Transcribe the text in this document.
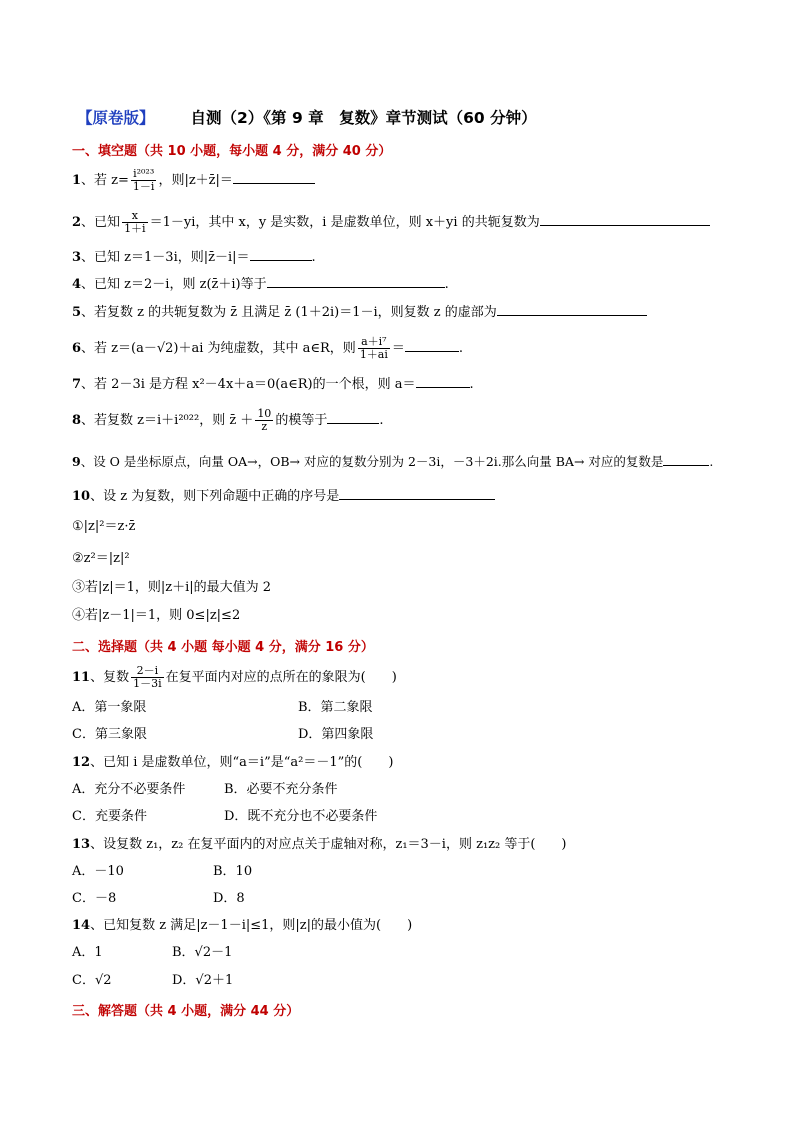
【原卷版】 自测（2）《第 9 章　复数》章节测试（60 分钟）
一、填空题（共 10 小题，每小题 4 分，满分 40 分）
1、若 $z= \frac{\text{i²⁰²³}}{1-i}$ ，则|z＋z̄|＝
2、已知 $\frac{x}{1+i} =1-yi$，其中 x，y 是实数，i 是虚数单位，则 x＋yi 的共轭复数为
3、已知 z＝1－3i，则|z̄－i|＝	.
4、已知 z＝2－i，则 z(z̄＋i)等于	.
5、若复数 z 的共轭复数为 z̄ 且满足 z̄ (1＋2i)＝1－i，则复数 z 的虚部为
6、若 z＝(a－√2)＋ai 为纯虚数，其中 a∈R，则 $\frac{\text{a＋i⁷}}{1+ai}$ ＝	.
7、若 2－3i 是方程 x²－4x＋a＝0(a∈R)的一个根，则 a＝	.
8、若复数 z＝i＋i²⁰²²，则 z̄ ＋ $\frac{10}{z}$ 的模等于	.
9、设 O 是坐标原点，向量 OA→，OB→ 对应的复数分别为 2－3i，－3＋2i.那么向量 BA→ 对应的复数是	.
10、设 z 为复数，则下列命题中正确的序号是
①|z|²＝z·z̄
②z²＝|z|²
③若|z|＝1，则|z＋i|的最大值为 2
④若|z－1|＝1，则 0≤|z|≤2
二、选择题（共 4 小题 每小题 4 分，满分 16 分）
11、复数 $\frac{2-i}{1-3i}$ 在复平面内对应的点所在的象限为(　　)
A．第一象限	B．第二象限
C．第三象限	D．第四象限
12、已知 i 是虚数单位，则“a＝i”是“a²＝－1”的(　　)
A．充分不必要条件	B．必要不充分条件
C．充要条件	D．既不充分也不必要条件
13、设复数 z₁，z₂ 在复平面内的对应点关于虚轴对称，z₁＝3－i，则 z₁z₂ 等于(　　)
A．－10	B．10
C．－8	D．8
14、已知复数 z 满足|z－1－i|≤1，则|z|的最小值为(　　)
A．1	B．√2－1
C．√2	D．√2＋1
三、解答题（共 4 小题，满分 44 分）
